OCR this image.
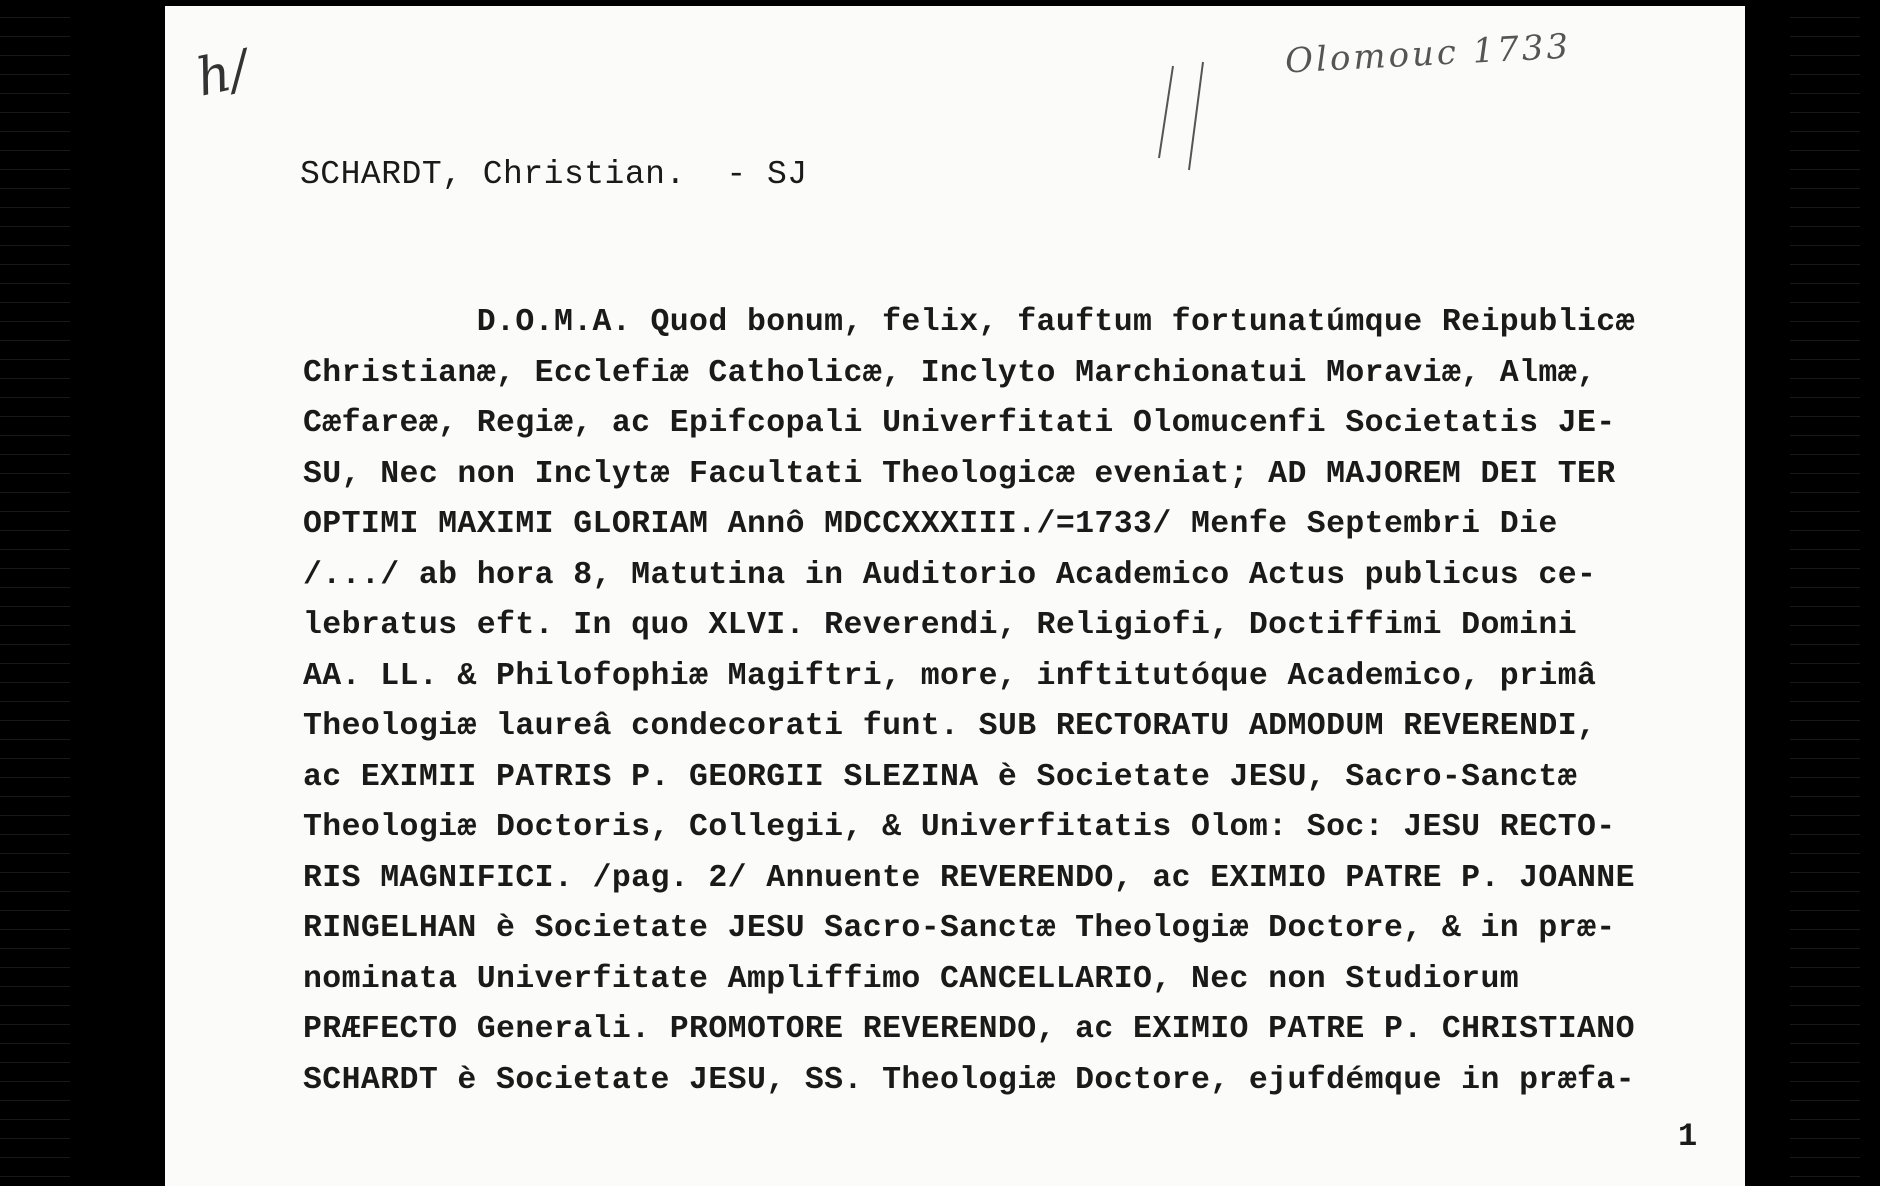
h/	Olomouc 1733
SCHARDT, Christian.  - SJ
D.O.M.A. Quod bonum, felix, fauftum fortunatúmque Reipublicæ
Christianæ, Ecclefiæ Catholicæ, Inclyto Marchionatui Moraviæ, Almæ,
Cæfareæ, Regiæ, ac Epifcopali Univerfitati Olomucenfi Societatis JE-
SU, Nec non Inclytæ Facultati Theologicæ eveniat; AD MAJOREM DEI TER
OPTIMI MAXIMI GLORIAM Annô MDCCXXXIII./=1733/ Menfe Septembri Die
/.../ ab hora 8, Matutina in Auditorio Academico Actus publicus ce-
lebratus eft. In quo XLVI. Reverendi, Religiofi, Doctiffimi Domini
AA. LL. & Philofophiæ Magiftri, more, inftitutóque Academico, primâ
Theologiæ laureâ condecorati funt. SUB RECTORATU ADMODUM REVERENDI,
ac EXIMII PATRIS P. GEORGII SLEZINA è Societate JESU, Sacro-Sanctæ
Theologiæ Doctoris, Collegii, & Univerfitatis Olom: Soc: JESU RECTO-
RIS MAGNIFICI. /pag. 2/ Annuente REVERENDO, ac EXIMIO PATRE P. JOANNE
RINGELHAN è Societate JESU Sacro-Sanctæ Theologiæ Doctore, & in præ-
nominata Univerfitate Ampliffimo CANCELLARIO, Nec non Studiorum
PRÆFECTO Generali. PROMOTORE REVERENDO, ac EXIMIO PATRE P. CHRISTIANO
SCHARDT è Societate JESU, SS. Theologiæ Doctore, ejufdémque in præfa-
1
